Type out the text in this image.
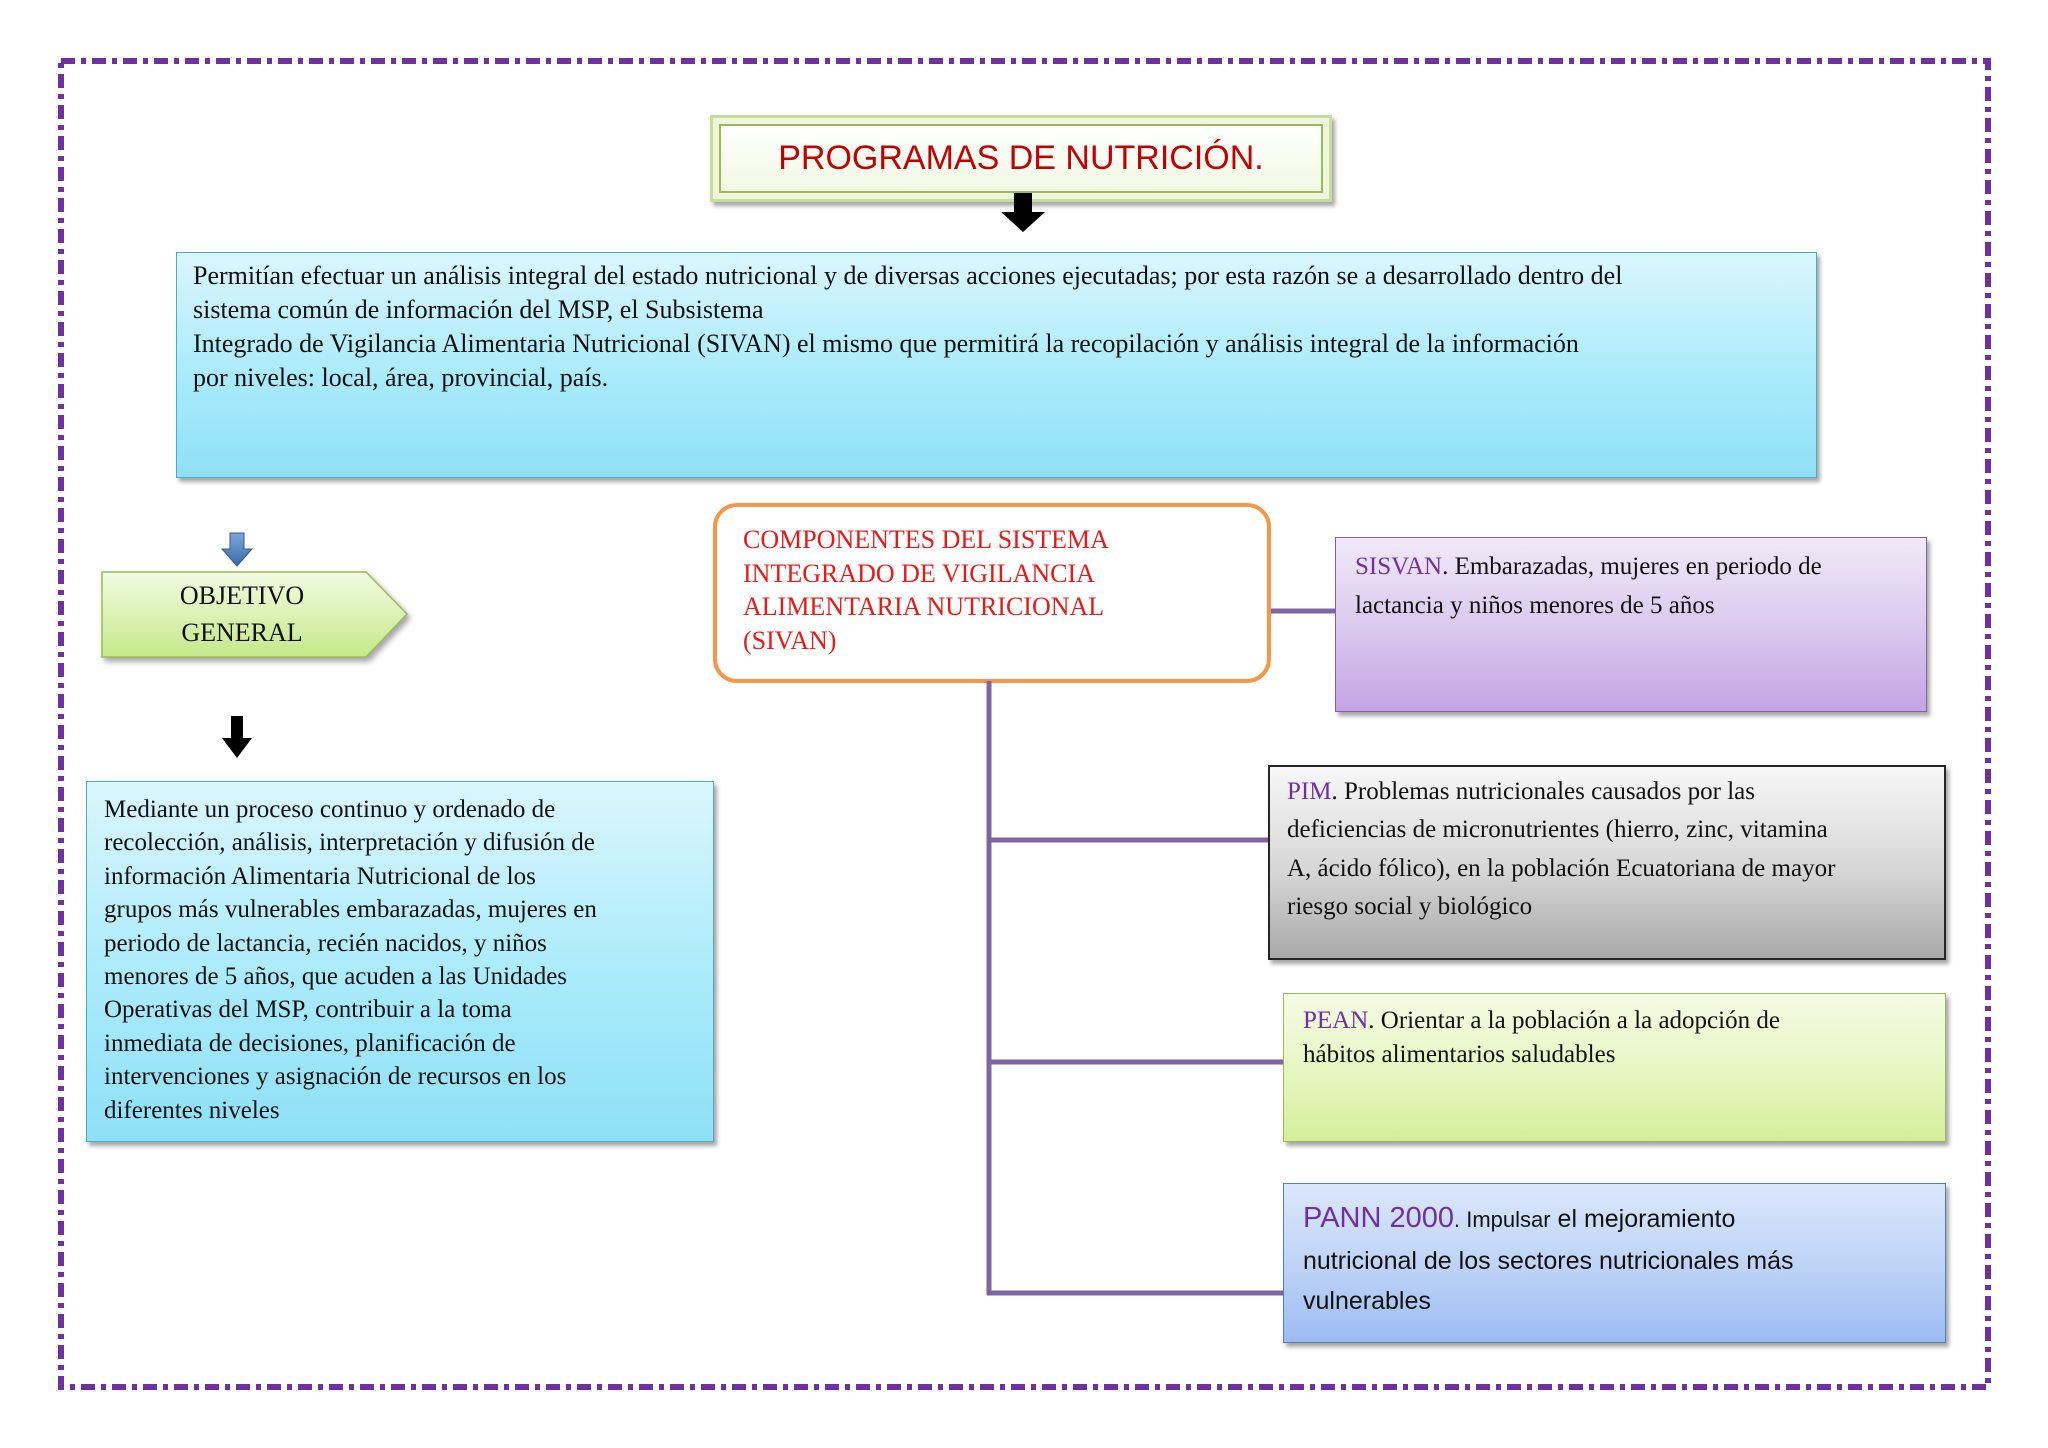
PROGRAMAS DE NUTRICIÓN.
Permitían efectuar un análisis integral del estado nutricional y de diversas acciones ejecutadas; por esta razón se a desarrollado dentro del
sistema común de información del MSP, el Subsistema
Integrado de Vigilancia Alimentaria Nutricional (SIVAN) el mismo que permitirá la recopilación y análisis integral de la información
por niveles: local, área, provincial, país.
OBJETIVO
GENERAL
Mediante un proceso continuo y ordenado de
recolección, análisis, interpretación y difusión de
información Alimentaria Nutricional de los
grupos más vulnerables embarazadas, mujeres en
periodo de lactancia, recién nacidos, y niños
menores de 5 años, que acuden a las Unidades
Operativas del MSP, contribuir a la toma
inmediata de decisiones, planificación de
intervenciones y asignación de recursos en los
diferentes niveles
COMPONENTES DEL SISTEMA
INTEGRADO DE VIGILANCIA
ALIMENTARIA NUTRICIONAL
(SIVAN)
SISVAN. Embarazadas, mujeres en periodo de
lactancia y niños menores de 5 años
PIM. Problemas nutricionales causados por las
deficiencias de micronutrientes (hierro, zinc, vitamina
A, ácido fólico), en la población Ecuatoriana de mayor
riesgo social y biológico
PEAN. Orientar a la población a la adopción de
hábitos alimentarios saludables
PANN 2000. Impulsar el mejoramiento
nutricional de los sectores nutricionales más
vulnerables
